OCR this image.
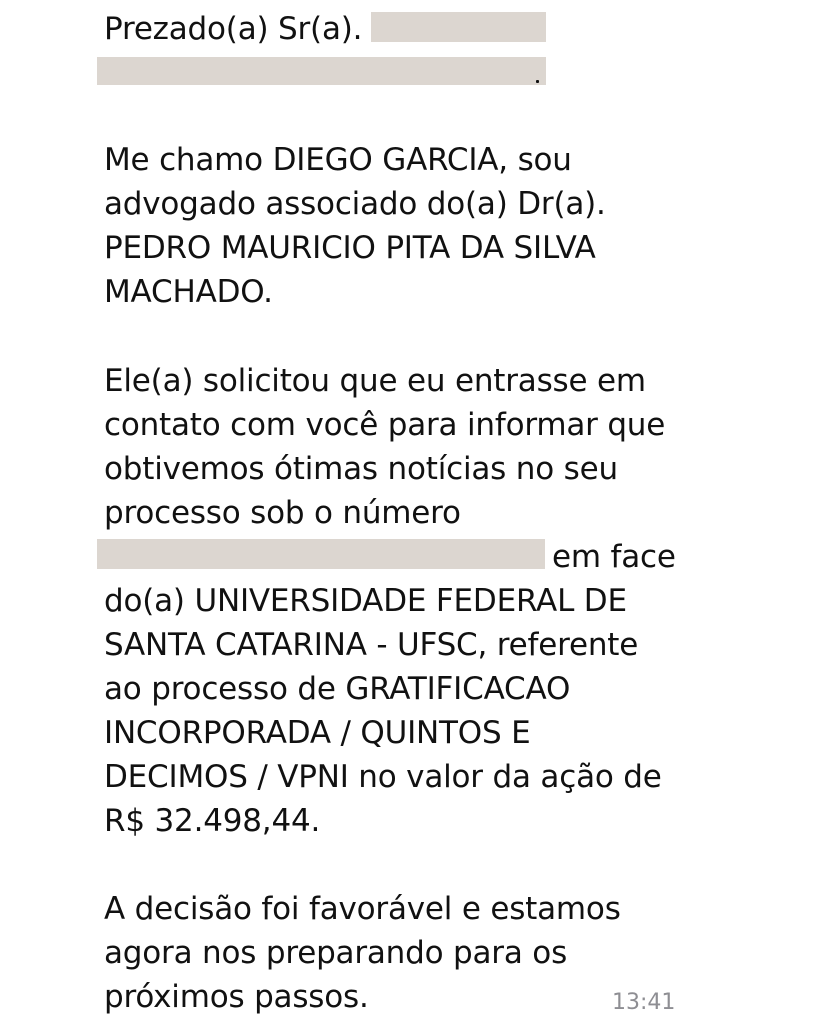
Prezado(a) Sr(a).
Me chamo DIEGO GARCIA, sou
advogado associado do(a) Dr(a).
PEDRO MAURICIO PITA DA SILVA
MACHADO.
Ele(a) solicitou que eu entrasse em
contato com você para informar que
obtivemos ótimas notícias no seu
processo sob o número
em face
do(a) UNIVERSIDADE FEDERAL DE
SANTA CATARINA - UFSC, referente
ao processo de GRATIFICACAO
INCORPORADA / QUINTOS E
DECIMOS / VPNI no valor da ação de
R$ 32.498,44.
A decisão foi favorável e estamos
agora nos preparando para os
próximos passos.	13:41
